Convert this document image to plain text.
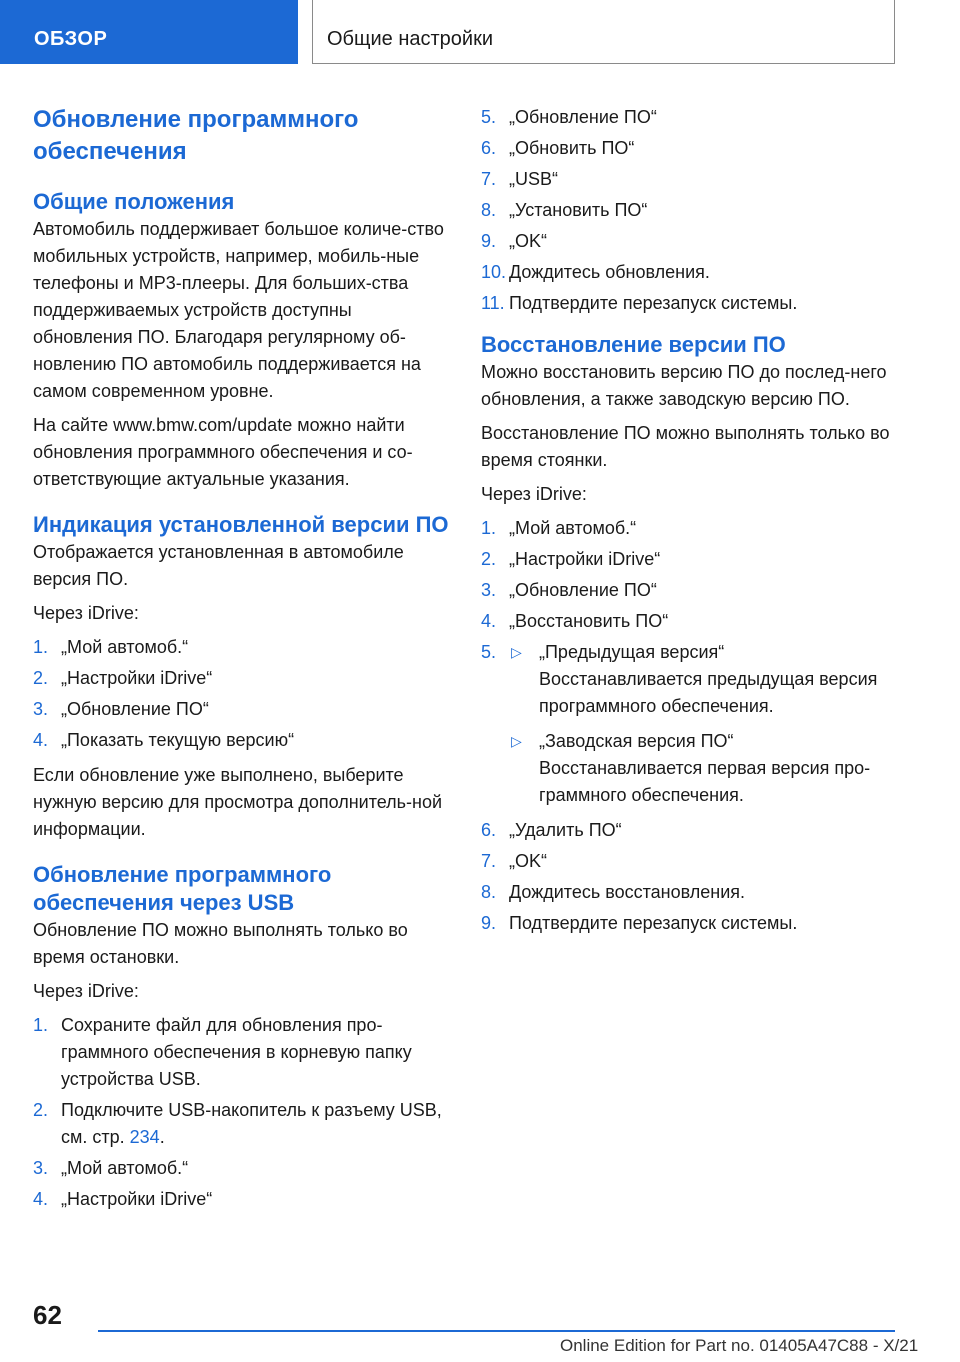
ОБЗОР	Общие настройки
Обновление программного обеспечения
Общие положения

Автомобиль поддерживает большое количе-ство мобильных устройств, например, мобиль-ные телефоны и MP3-плееры. Для больших-ства поддерживаемых устройств доступны обновления ПО. Благодаря регулярному об-новлению ПО автомобиль поддерживается на самом современном уровне.

На сайте www.bmw.com/update можно найти обновления программного обеспечения и со-ответствующие актуальные указания.

Индикация установленной версии ПО

Отображается установленная в автомобиле версия ПО.

Через iDrive:

1. „Мой автомоб.“
2. „Настройки iDrive“
3. „Обновление ПО“
4. „Показать текущую версию“

Если обновление уже выполнено, выберите нужную версию для просмотра дополнитель-ной информации.

Обновление программного обеспечения через USB

Обновление ПО можно выполнять только во время остановки.

Через iDrive:

1. Сохраните файл для обновления про-граммного обеспечения в корневую папку устройства USB.
2. Подключите USB-накопитель к разъему USB, см. стр. 234.
3. „Мой автомоб.“
4. „Настройки iDrive“
5. „Обновление ПО“
6. „Обновить ПО“
7. „USB“
8. „Установить ПО“
9. „OK“
10. Дождитесь обновления.
11. Подтвердите перезапуск системы.
Восстановление версии ПО

Можно восстановить версию ПО до послед-него обновления, а также заводскую версию ПО.

Восстановление ПО можно выполнять только во время стоянки.

Через iDrive:

1. „Мой автомоб.“
2. „Настройки iDrive“
3. „Обновление ПО“
4. „Восстановить ПО“
5. ▷ „Предыдущая версия“
Восстанавливается предыдущая версия программного обеспечения.
▷ „Заводская версия ПО“
Восстанавливается первая версия про-граммного обеспечения.
6. „Удалить ПО“
7. „OK“
8. Дождитесь восстановления.
9. Подтвердите перезапуск системы.
62
Online Edition for Part no. 01405A47C88 - X/21
